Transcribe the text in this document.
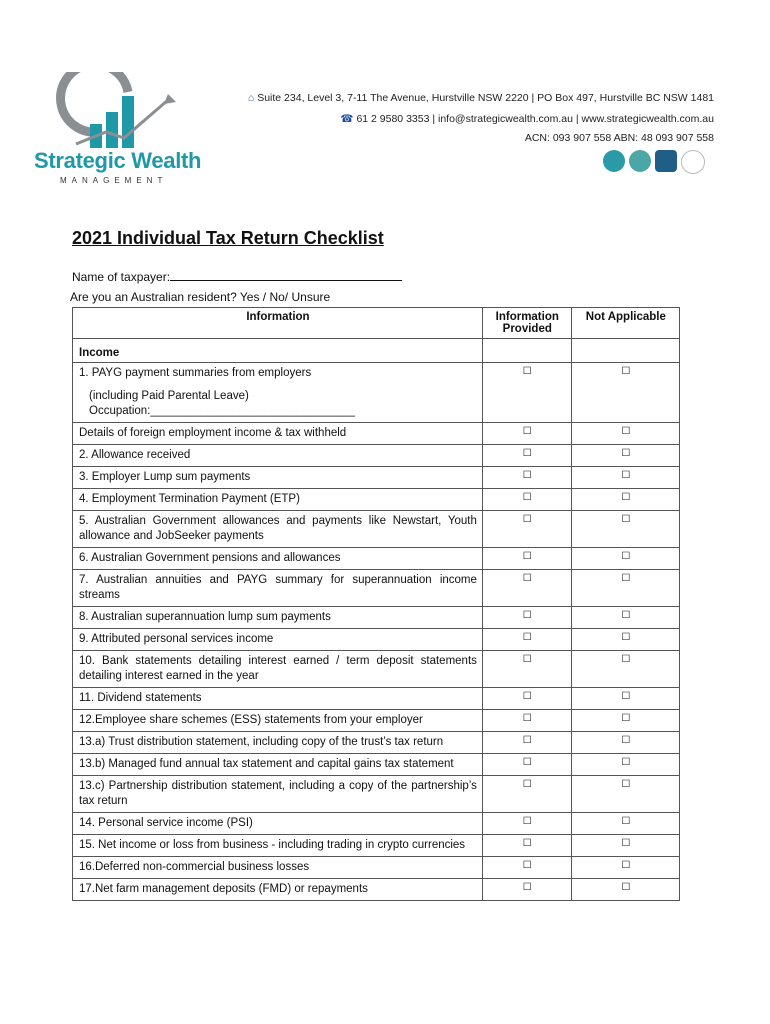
Strategic Wealth
MANAGEMENT
⌂ Suite 234, Level 3, 7-11 The Avenue, Hurstville NSW 2220 | PO Box 497, Hurstville BC NSW 1481
☎ 61 2 9580 3353 | info@strategicwealth.com.au | www.strategicwealth.com.au
ACN: 093 907 558 ABN: 48 093 907 558
2021 Individual Tax Return Checklist
Name of taxpayer:
Are you an Australian resident? Yes / No/ Unsure
Information	Information Provided	Not Applicable
Income		
1. PAYG payment summaries from employers
(including Paid Parental Leave)
Occupation:________________________________	☐	☐
Details of foreign employment income & tax withheld	☐	☐
2. Allowance received	☐	☐
3. Employer Lump sum payments	☐	☐
4. Employment Termination Payment (ETP)	☐	☐
5. Australian Government allowances and payments like Newstart, Youth allowance and JobSeeker payments	☐	☐
6. Australian Government pensions and allowances	☐	☐
7. Australian annuities and PAYG summary for superannuation income streams	☐	☐
8. Australian superannuation lump sum payments	☐	☐
9. Attributed personal services income	☐	☐
10. Bank statements detailing interest earned / term deposit statements detailing interest earned in the year	☐	☐
11. Dividend statements	☐	☐
12.Employee share schemes (ESS) statements from your employer	☐	☐
13.a) Trust distribution statement, including copy of the trust’s tax return	☐	☐
13.b) Managed fund annual tax statement and capital gains tax statement	☐	☐
13.c) Partnership distribution statement, including a copy of the partnership’s tax return	☐	☐
14. Personal service income (PSI)	☐	☐
15. Net income or loss from business - including trading in crypto currencies	☐	☐
16.Deferred non-commercial business losses	☐	☐
17.Net farm management deposits (FMD) or repayments	☐	☐
